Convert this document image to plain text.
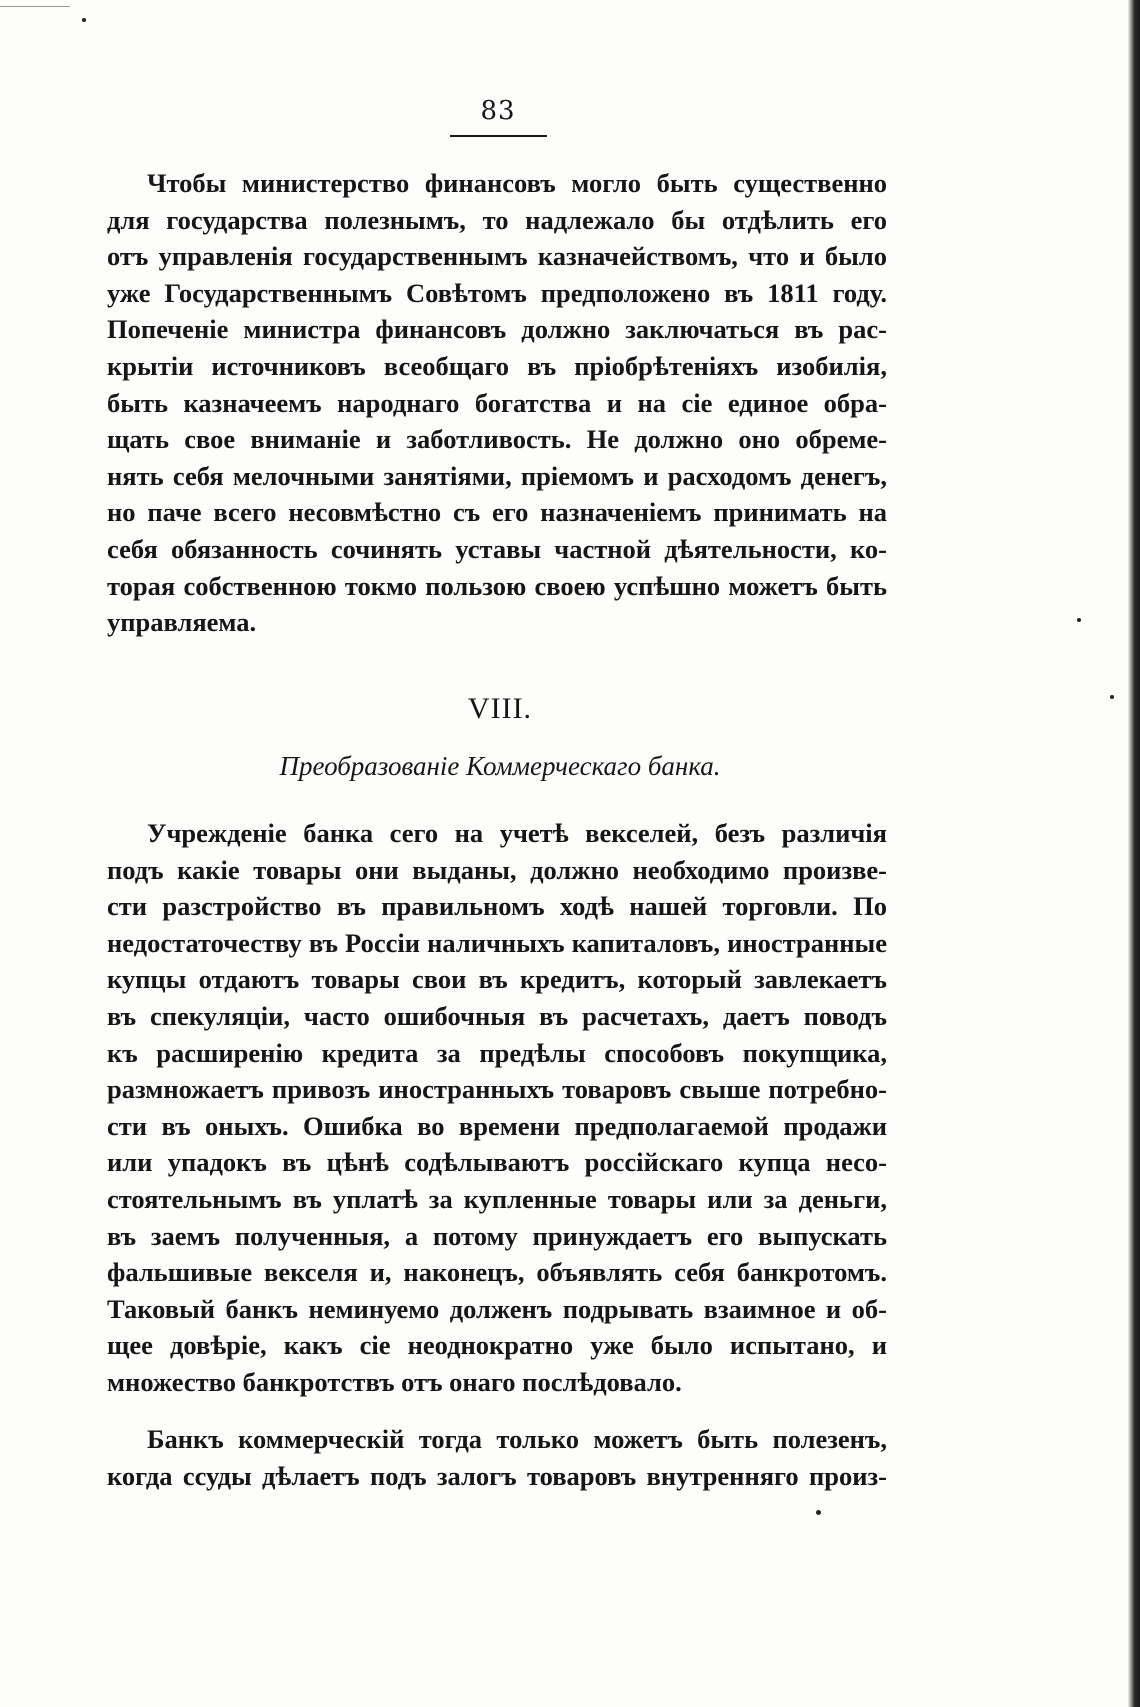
83
Чтобы министерство финансовъ могло быть существенно
для государства полезнымъ, то надлежало бы отдѣлить его
отъ управленія государственнымъ казначействомъ, что и было
уже Государственнымъ Совѣтомъ предположено въ 1811 году.
Попеченіе министра финансовъ должно заключаться въ рас-
крытіи источниковъ всеобщаго въ пріобрѣтеніяхъ изобилія,
быть казначеемъ народнаго богатства и на сіе единое обра-
щать свое вниманіе и заботливость. Не должно оно обреме-
нять себя мелочными занятіями, пріемомъ и расходомъ денегъ,
но паче всего несовмѣстно съ его назначеніемъ принимать на
себя обязанность сочинять уставы частной дѣятельности, ко-
торая собственною токмо пользою своею успѣшно можетъ быть
управляема.
VIII.
Преобразованіе Коммерческаго банка.
Учрежденіе банка сего на учетѣ векселей, безъ различія
подъ какіе товары они выданы, должно необходимо произве-
сти разстройство въ правильномъ ходѣ нашей торговли. По
недостаточеству въ Россіи наличныхъ капиталовъ, иностранные
купцы отдаютъ товары свои въ кредитъ, который завлекаетъ
въ спекуляціи, часто ошибочныя въ расчетахъ, даетъ поводъ
къ расширенію кредита за предѣлы способовъ покупщика,
размножаетъ привозъ иностранныхъ товаровъ свыше потребно-
сти въ оныхъ. Ошибка во времени предполагаемой продажи
или упадокъ въ цѣнѣ содѣлываютъ россійскаго купца несо-
стоятельнымъ въ уплатѣ за купленные товары или за деньги,
въ заемъ полученныя, а потому принуждаетъ его выпускать
фальшивые векселя и, наконецъ, объявлять себя банкротомъ.
Таковый банкъ неминуемо долженъ подрывать взаимное и об-
щее довѣріе, какъ сіе неоднократно уже было испытано, и
множество банкротствъ отъ онаго послѣдовало.
Банкъ коммерческій тогда только можетъ быть полезенъ,
когда ссуды дѣлаетъ подъ залогъ товаровъ внутренняго произ-
